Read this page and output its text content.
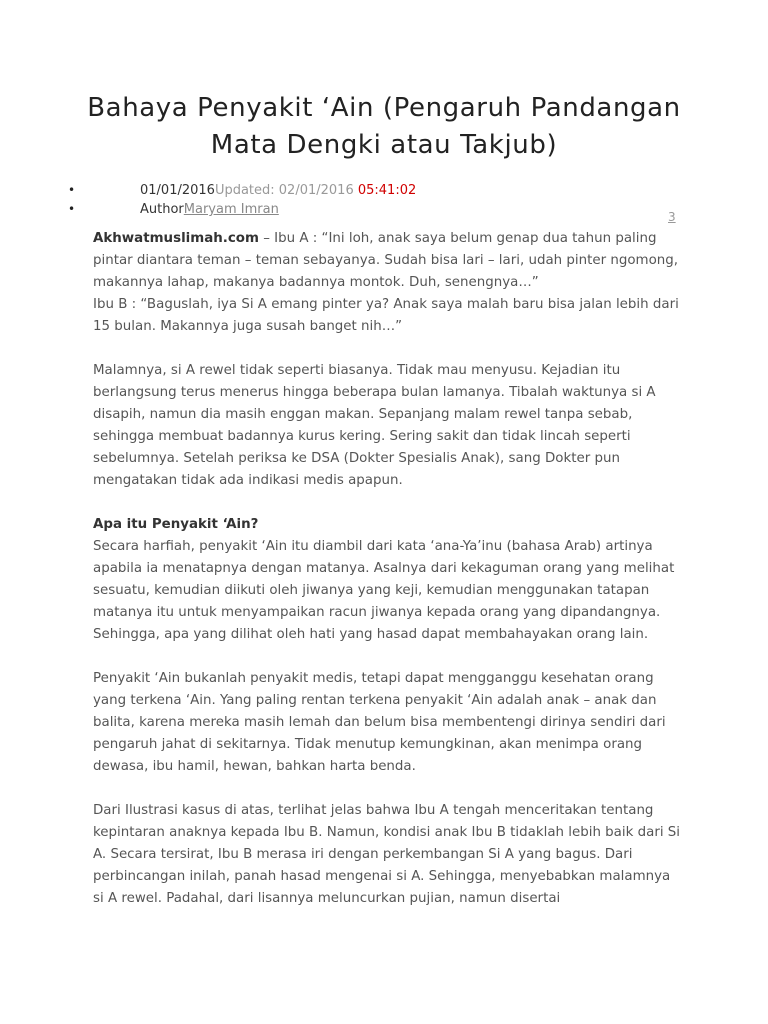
Bahaya Penyakit ‘Ain (Pengaruh Pandangan Mata Dengki atau Takjub)
•	01/01/2016Updated: 02/01/2016 05:41:02
•	AuthorMaryam Imran	3

Akhwatmuslimah.com – Ibu A : “Ini loh, anak saya belum genap dua tahun paling pintar diantara teman – teman sebayanya. Sudah bisa lari – lari, udah pinter ngomong, makannya lahap, makanya badannya montok. Duh, senengnya…”
Ibu B : “Baguslah, iya Si A emang pinter ya? Anak saya malah baru bisa jalan lebih dari 15 bulan. Makannya juga susah banget nih…”

Malamnya, si A rewel tidak seperti biasanya. Tidak mau menyusu. Kejadian itu berlangsung terus menerus hingga beberapa bulan lamanya. Tibalah waktunya si A disapih, namun dia masih enggan makan. Sepanjang malam rewel tanpa sebab, sehingga membuat badannya kurus kering. Sering sakit dan tidak lincah seperti sebelumnya. Setelah periksa ke DSA (Dokter Spesialis Anak), sang Dokter pun mengatakan tidak ada indikasi medis apapun.

Apa itu Penyakit ‘Ain?
Secara harfiah, penyakit ‘Ain itu diambil dari kata ‘ana-Ya’inu (bahasa Arab) artinya apabila ia menatapnya dengan matanya. Asalnya dari kekaguman orang yang melihat sesuatu, kemudian diikuti oleh jiwanya yang keji, kemudian menggunakan tatapan matanya itu untuk menyampaikan racun jiwanya kepada orang yang dipandangnya. Sehingga, apa yang dilihat oleh hati yang hasad dapat membahayakan orang lain.

Penyakit ‘Ain bukanlah penyakit medis, tetapi dapat mengganggu kesehatan orang yang terkena ‘Ain. Yang paling rentan terkena penyakit ‘Ain adalah anak – anak dan balita, karena mereka masih lemah dan belum bisa membentengi dirinya sendiri dari pengaruh jahat di sekitarnya. Tidak menutup kemungkinan, akan menimpa orang dewasa, ibu hamil, hewan, bahkan harta benda.

Dari Ilustrasi kasus di atas, terlihat jelas bahwa Ibu A tengah menceritakan tentang kepintaran anaknya kepada Ibu B. Namun, kondisi anak Ibu B tidaklah lebih baik dari Si A. Secara tersirat, Ibu B merasa iri dengan perkembangan Si A yang bagus. Dari perbincangan inilah, panah hasad mengenai si A. Sehingga, menyebabkan malamnya si A rewel. Padahal, dari lisannya meluncurkan pujian, namun disertai
